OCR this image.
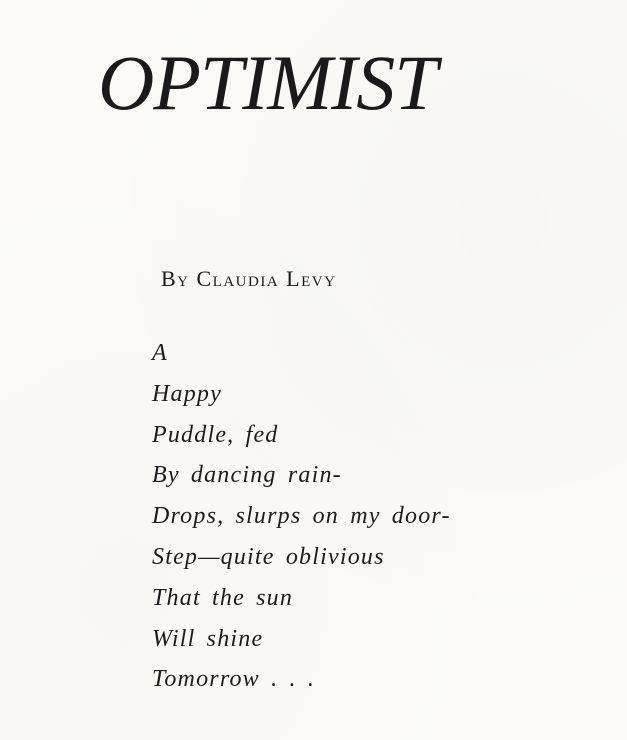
OPTIMIST

By Claudia Levy

A
Happy
Puddle, fed
By dancing rain-
Drops, slurps on my door-
Step—quite oblivious
That the sun
Will shine
Tomorrow . . .
